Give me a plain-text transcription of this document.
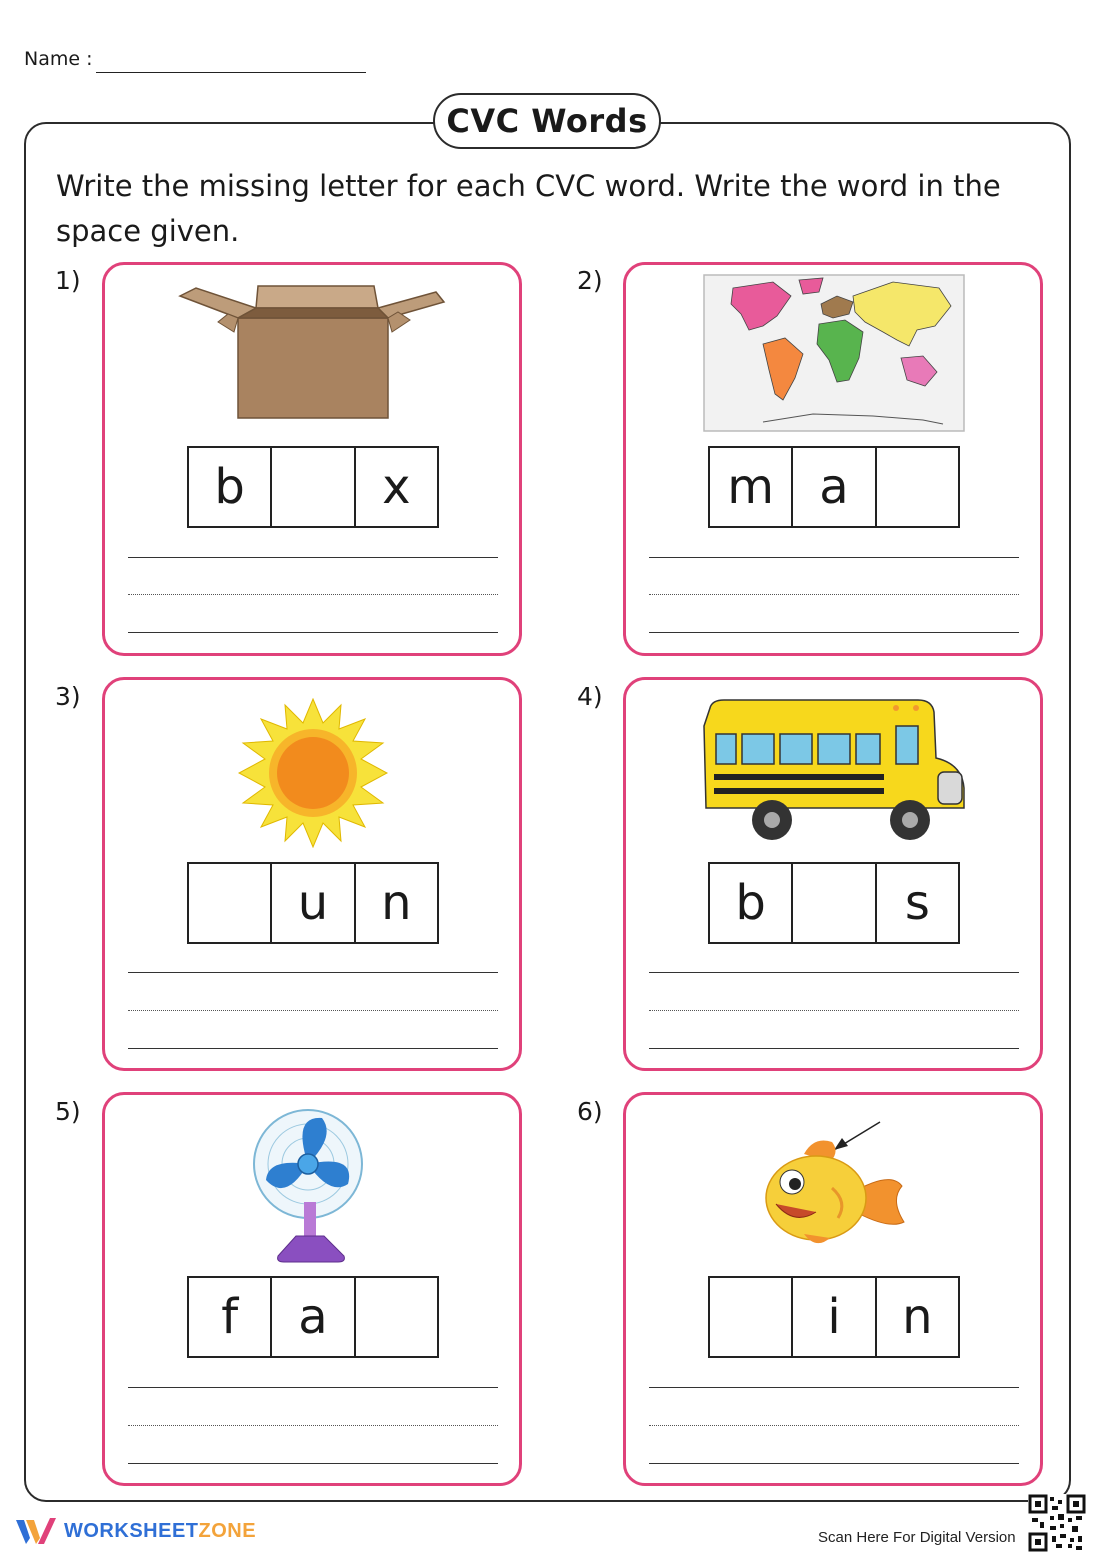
Name :
CVC Words
Write the missing letter for each CVC word. Write the word in the space given.
1)
b	x
2)
m a
3)
u	n
4)
b	s
5)
f	a
6)
i	n
WORKSHEETZONE	Scan Here For Digital Version
